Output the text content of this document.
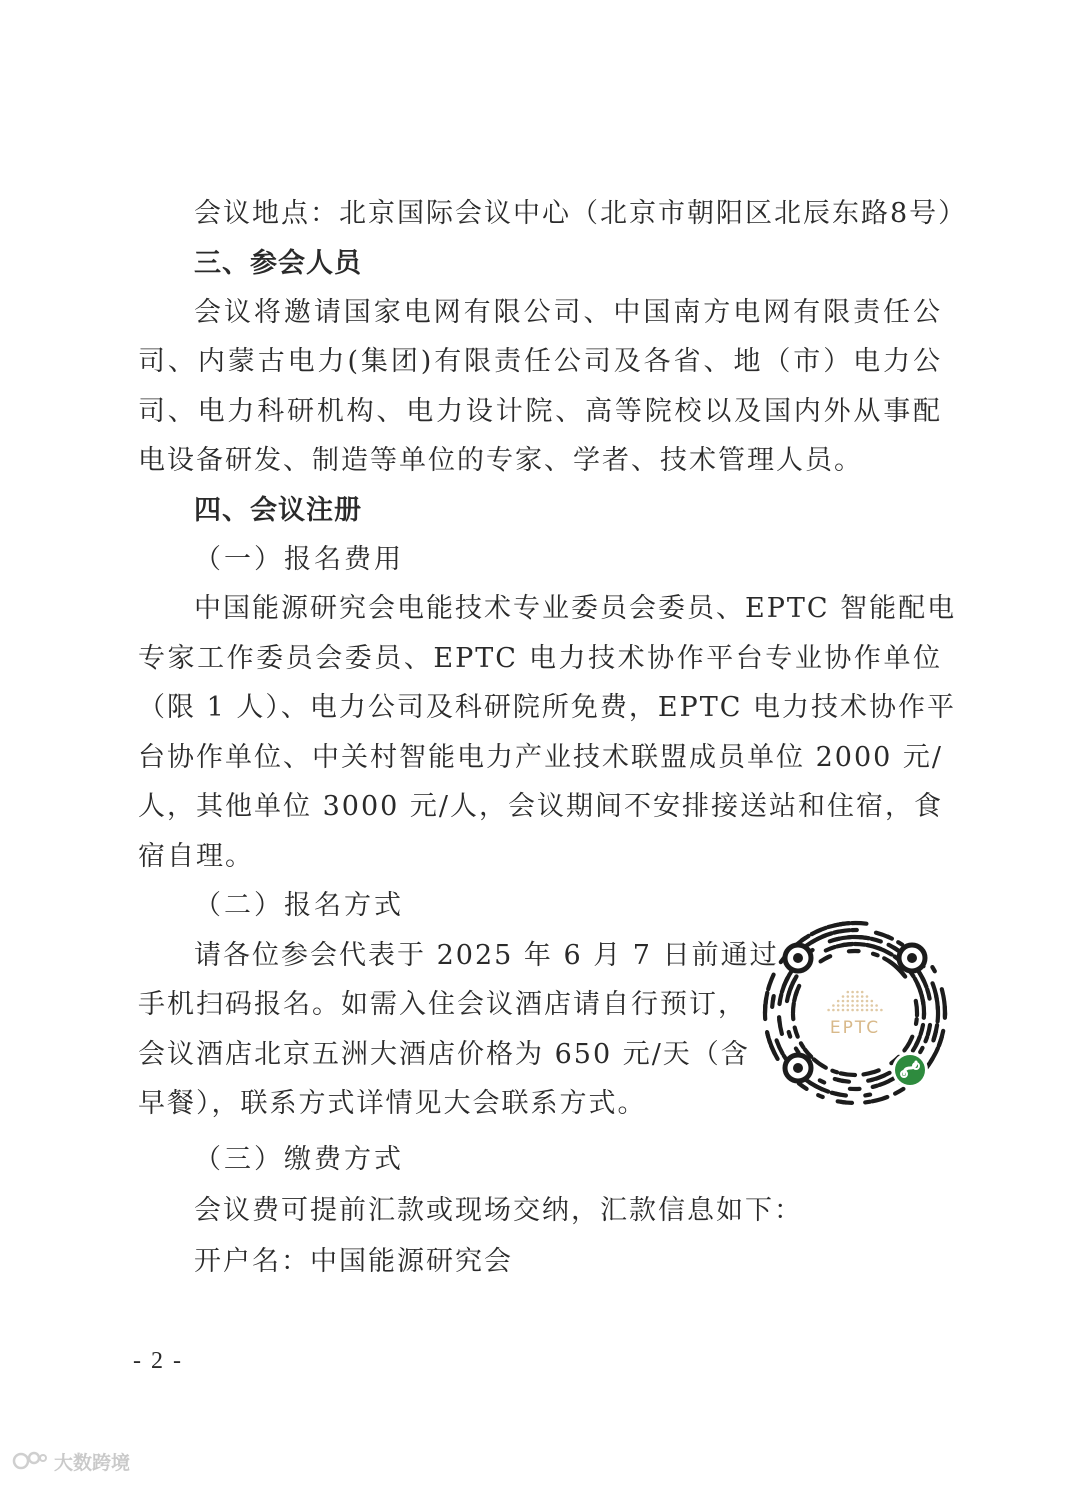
会议地点：北京国际会议中心（北京市朝阳区北辰东路8号）
三、参会人员
会议将邀请国家电网有限公司、中国南方电网有限责任公
司、内蒙古电力(集团)有限责任公司及各省、地（市）电力公
司、电力科研机构、电力设计院、高等院校以及国内外从事配
电设备研发、制造等单位的专家、学者、技术管理人员。
四、会议注册
（一）报名费用
中国能源研究会电能技术专业委员会委员、EPTC 智能配电
专家工作委员会委员、EPTC 电力技术协作平台专业协作单位
（限 1 人）、电力公司及科研院所免费，EPTC 电力技术协作平
台协作单位、中关村智能电力产业技术联盟成员单位 2000 元/
人，其他单位 3000 元/人，会议期间不安排接送站和住宿，食
宿自理。
（二）报名方式
请各位参会代表于 2025 年 6 月 7 日前通过
手机扫码报名。如需入住会议酒店请自行预订，
会议酒店北京五洲大酒店价格为 650 元/天（含
早餐），联系方式详情见大会联系方式。
（三）缴费方式
会议费可提前汇款或现场交纳，汇款信息如下：
开户名：中国能源研究会
EPTC
- 2 -
大数跨境
